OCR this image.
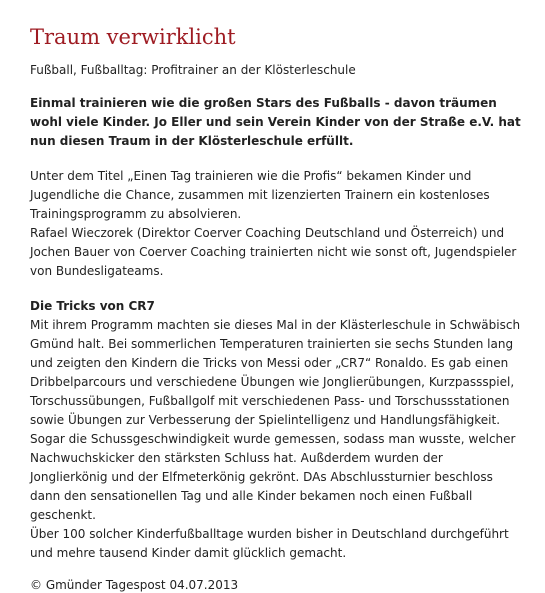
Traum verwirklicht

Fußball, Fußballtag: Profitrainer an der Klösterleschule

Einmal trainieren wie die großen Stars des Fußballs - davon träumen wohl viele Kinder. Jo Eller und sein Verein Kinder von der Straße e.V. hat nun diesen Traum in der Klösterleschule erfüllt.

Unter dem Titel „Einen Tag trainieren wie die Profis“ bekamen Kinder und Jugendliche die Chance, zusammen mit lizenzierten Trainern ein kostenloses Trainingsprogramm zu absolvieren.

Rafael Wieczorek (Direktor Coerver Coaching Deutschland und Österreich) und Jochen Bauer von Coerver Coaching trainierten nicht wie sonst oft, Jugendspieler von Bundesligateams.

Die Tricks von CR7

Mit ihrem Programm machten sie dieses Mal in der Klästerleschule in Schwäbisch Gmünd halt. Bei sommerlichen Temperaturen trainierten sie sechs Stunden lang und zeigten den Kindern die Tricks von Messi oder „CR7“ Ronaldo. Es gab einen Dribbelparcours und verschiedene Übungen wie Jonglierübungen, Kurzpassspiel, Torschussübungen, Fußballgolf mit verschiedenen Pass- und Torschussstationen sowie Übungen zur Verbesserung der Spielintelligenz und Handlungsfähigkeit. Sogar die Schussgeschwindigkeit wurde gemessen, sodass man wusste, welcher Nachwuchskicker den stärksten Schluss hat. Außderdem wurden der Jonglierkönig und der Elfmeterkönig gekrönt. DAs Abschlussturnier beschloss dann den sensationellen Tag und alle Kinder bekamen noch einen Fußball geschenkt.

Über 100 solcher Kinderfußballtage wurden bisher in Deutschland durchgeführt und mehre tausend Kinder damit glücklich gemacht.

© Gmünder Tagespost 04.07.2013
